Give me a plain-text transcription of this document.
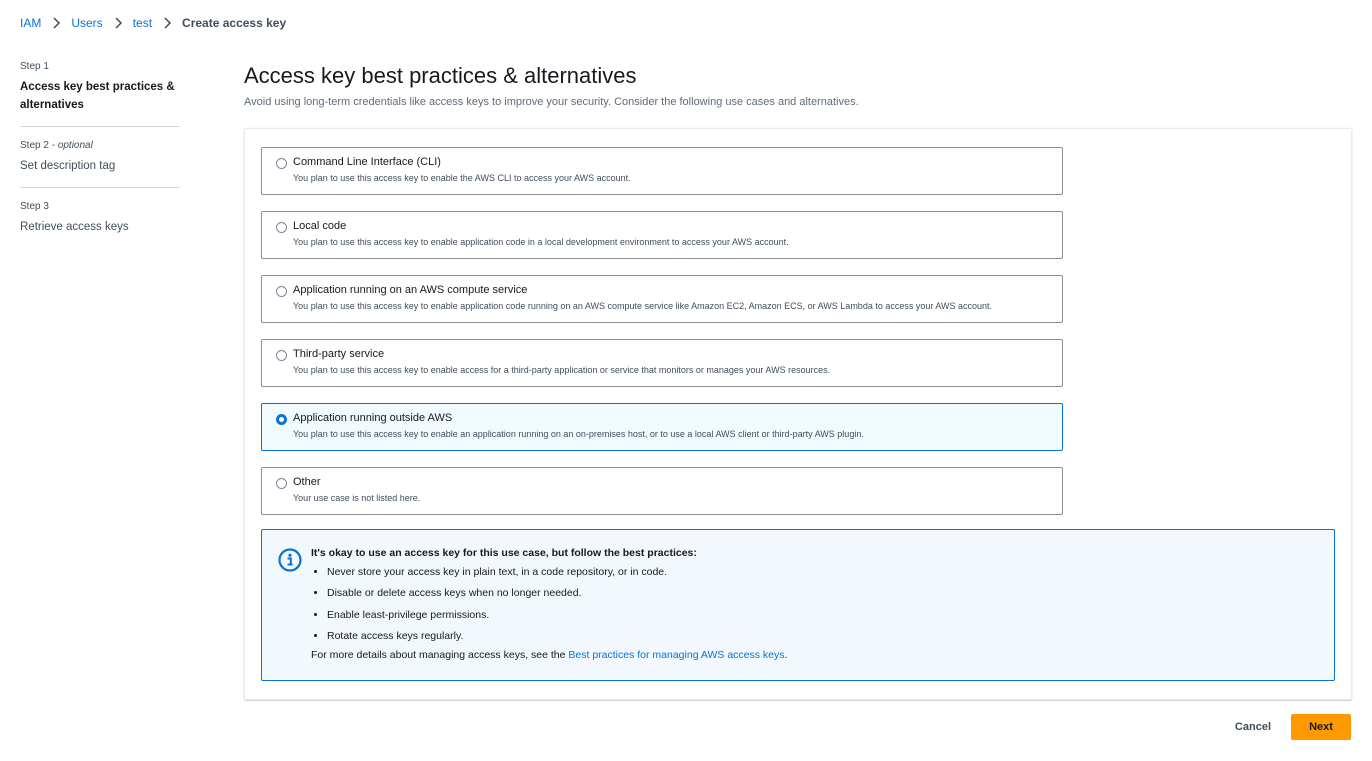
IAM	Users	test	Create access key
Step 1
Access key best practices & alternatives
Step 2 - optional
Set description tag
Step 3
Retrieve access keys
Access key best practices & alternatives
Avoid using long-term credentials like access keys to improve your security. Consider the following use cases and alternatives.
Command Line Interface (CLI)
You plan to use this access key to enable the AWS CLI to access your AWS account.
Local code
You plan to use this access key to enable application code in a local development environment to access your AWS account.
Application running on an AWS compute service
You plan to use this access key to enable application code running on an AWS compute service like Amazon EC2, Amazon ECS, or AWS Lambda to access your AWS account.
Third-party service
You plan to use this access key to enable access for a third-party application or service that monitors or manages your AWS resources.
Application running outside AWS
You plan to use this access key to enable an application running on an on-premises host, or to use a local AWS client or third-party AWS plugin.
Other
Your use case is not listed here.
It's okay to use an access key for this use case, but follow the best practices:
• Never store your access key in plain text, in a code repository, or in code.
• Disable or delete access keys when no longer needed.
• Enable least-privilege permissions.
• Rotate access keys regularly.
For more details about managing access keys, see the Best practices for managing AWS access keys.
Cancel	Next
